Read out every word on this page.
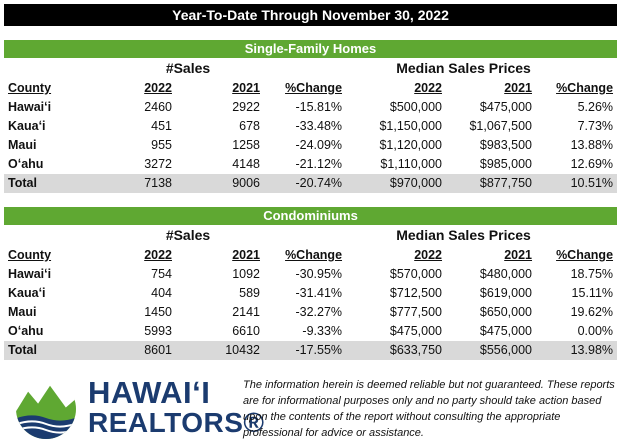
Year-To-Date Through November 30, 2022
Single-Family Homes
	#Sales			Median Sales Prices		
County	2022	2021	%Change	2022	2021	%Change
Hawaiʻi	2460	2922	-15.81%	$500,000	$475,000	5.26%
Kauaʻi	451	678	-33.48%	$1,150,000	$1,067,500	7.73%
Maui	955	1258	-24.09%	$1,120,000	$983,500	13.88%
Oʻahu	3272	4148	-21.12%	$1,110,000	$985,000	12.69%
Total	7138	9006	-20.74%	$970,000	$877,750	10.51%
Condominiums
	#Sales			Median Sales Prices		
County	2022	2021	%Change	2022	2021	%Change
Hawaiʻi	754	1092	-30.95%	$570,000	$480,000	18.75%
Kauaʻi	404	589	-31.41%	$712,500	$619,000	15.11%
Maui	1450	2141	-32.27%	$777,500	$650,000	19.62%
Oʻahu	5993	6610	-9.33%	$475,000	$475,000	0.00%
Total	8601	10432	-17.55%	$633,750	$556,000	13.98%
HAWAIʻI
REALTORS®
The information herein is deemed reliable but not guaranteed. These reports are for informational purposes only and no party should take action based upon the contents of the report without consulting the appropriate professional for advice or assistance.
